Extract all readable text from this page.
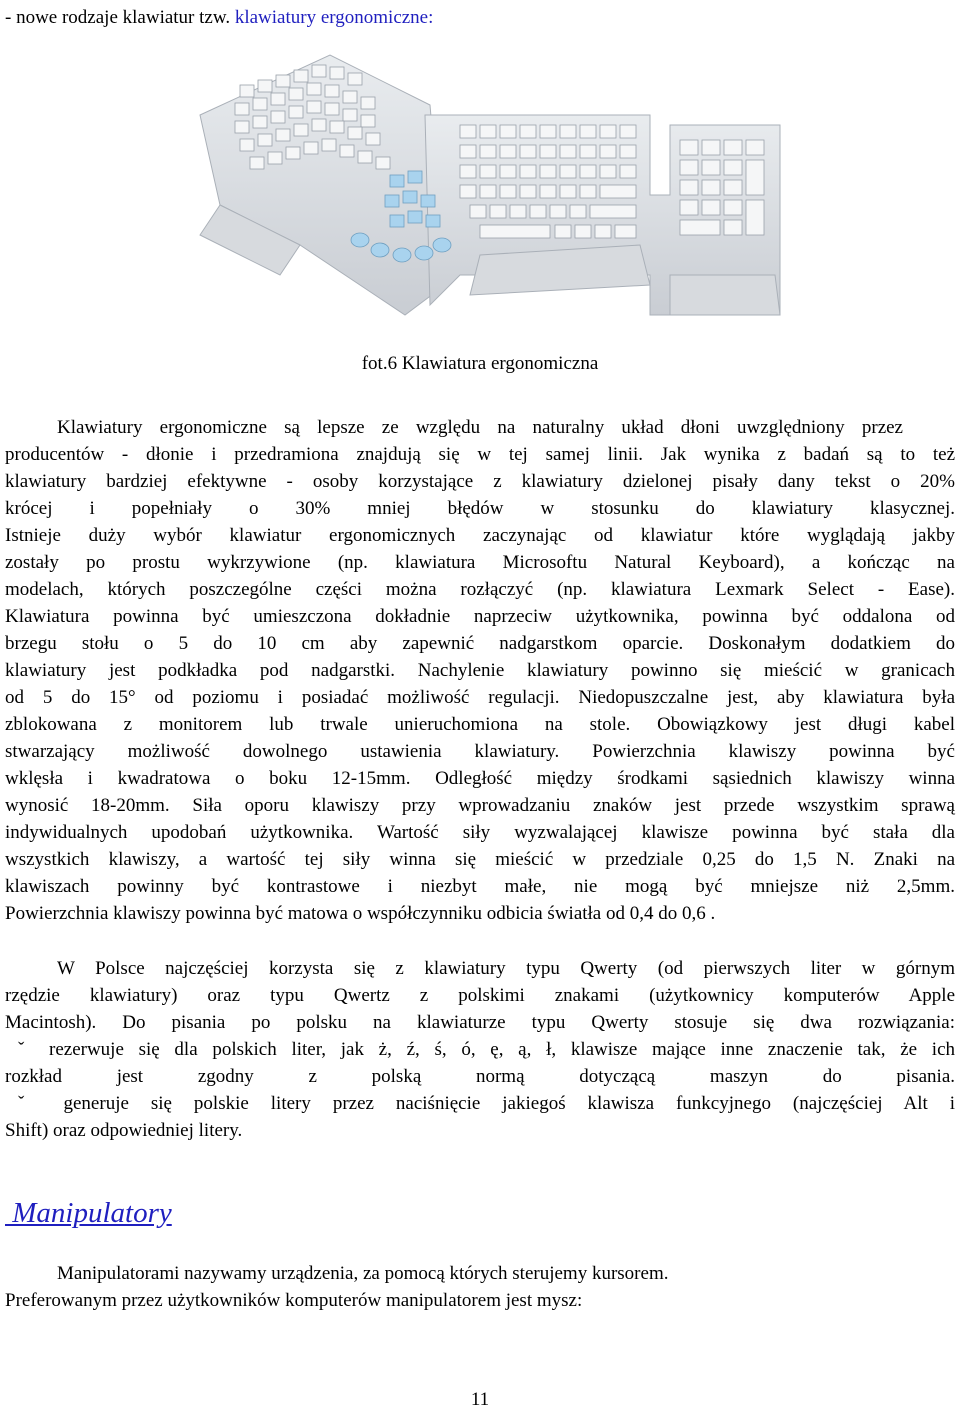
- nowe rodzaje klawiatur tzw. klawiatury ergonomiczne:
fot.6 Klawiatura ergonomiczna
Klawiatury ergonomiczne są lepsze ze względu na naturalny układ dłoni uwzględniony przez
producentów - dłonie i przedramiona znajdują się w tej samej linii. Jak wynika z badań są to też
klawiatury bardziej efektywne - osoby korzystające z klawiatury dzielonej pisały dany tekst o 20%
krócej i popełniały o 30% mniej błędów w stosunku do klawiatury klasycznej.
Istnieje duży wybór klawiatur ergonomicznych zaczynając od klawiatur które wyglądają jakby
zostały po prostu wykrzywione (np. klawiatura Microsoftu Natural Keyboard), a kończąc na
modelach, których poszczególne części można rozłączyć (np. klawiatura Lexmark Select - Ease).
Klawiatura powinna być umieszczona dokładnie naprzeciw użytkownika, powinna być oddalona od
brzegu stołu o 5 do 10 cm aby zapewnić nadgarstkom oparcie. Doskonałym dodatkiem do
klawiatury jest podkładka pod nadgarstki. Nachylenie klawiatury powinno się mieścić w granicach
od 5 do 15° od poziomu i posiadać możliwość regulacji. Niedopuszczalne jest, aby klawiatura była
zblokowana z monitorem lub trwale unieruchomiona na stole. Obowiązkowy jest długi kabel
stwarzający możliwość dowolnego ustawienia klawiatury. Powierzchnia klawiszy powinna być
wklęsła i kwadratowa o boku 12-15mm. Odległość między środkami sąsiednich klawiszy winna
wynosić 18-20mm. Siła oporu klawiszy przy wprowadzaniu znaków jest przede wszystkim sprawą
indywidualnych upodobań użytkownika. Wartość siły wyzwalającej klawisze powinna być stała dla
wszystkich klawiszy, a wartość tej siły winna się mieścić w przedziale 0,25 do 1,5 N. Znaki na
klawiszach powinny być kontrastowe i niezbyt małe, nie mogą być mniejsze niż 2,5mm.
Powierzchnia klawiszy powinna być matowa o współczynniku odbicia światła od 0,4 do 0,6 .
W Polsce najczęściej korzysta się z klawiatury typu Qwerty (od pierwszych liter w górnym
rzędzie klawiatury) oraz typu Qwertz z polskimi znakami (użytkownicy komputerów Apple
Macintosh). Do pisania po polsku na klawiaturze typu Qwerty stosuje się dwa rozwiązania:
ˇ rezerwuje się dla polskich liter, jak ż, ź, ś, ó, ę, ą, ł, klawisze mające inne znaczenie tak, że ich
rozkład jest zgodny z polską normą dotyczącą maszyn do pisania.
ˇ generuje się polskie litery przez naciśnięcie jakiegoś klawisza funkcyjnego (najczęściej Alt i
Shift) oraz odpowiedniej litery.
Manipulatory
Manipulatorami nazywamy urządzenia, za pomocą których sterujemy kursorem.
Preferowanym przez użytkowników komputerów manipulatorem jest mysz:
11
